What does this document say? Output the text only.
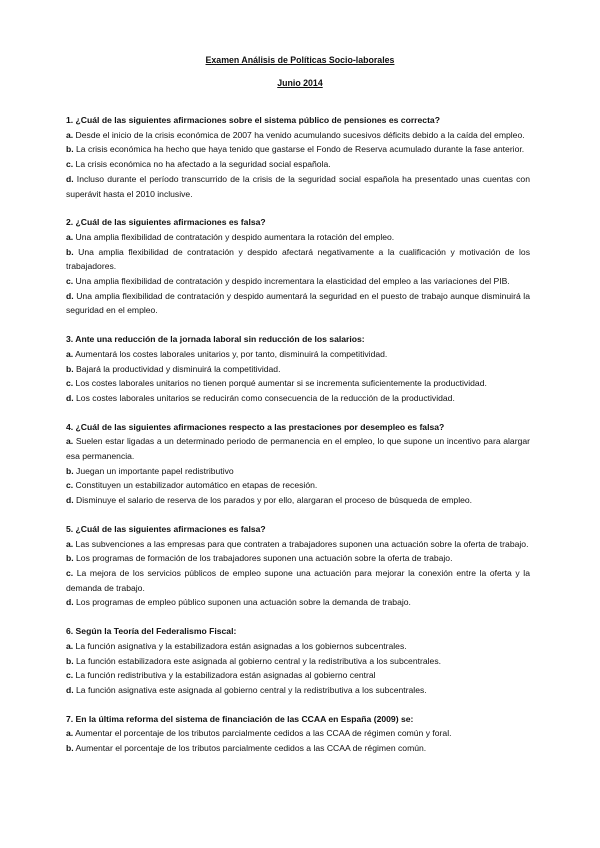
Examen Análisis de Políticas Socio-laborales
Junio 2014
1. ¿Cuál de las siguientes afirmaciones sobre el sistema público de pensiones es correcta?
a. Desde el inicio de la crisis económica de 2007 ha venido acumulando sucesivos déficits debido a la caída del empleo.
b. La crisis económica ha hecho que haya tenido que gastarse el Fondo de Reserva acumulado durante la fase anterior.
c. La crisis económica no ha afectado a la seguridad social española.
d. Incluso durante el período transcurrido de la crisis de la seguridad social española ha presentado unas cuentas con superávit hasta el 2010 inclusive.
2. ¿Cuál de las siguientes afirmaciones es falsa?
a. Una amplia flexibilidad de contratación y despido aumentara la rotación del empleo.
b. Una amplia flexibilidad de contratación y despido afectará negativamente a la cualificación y motivación de los trabajadores.
c. Una amplia flexibilidad de contratación y despido incrementara la elasticidad del empleo a las variaciones del PIB.
d. Una amplia flexibilidad de contratación y despido aumentará la seguridad en el puesto de trabajo aunque disminuirá la seguridad en el empleo.
3. Ante una reducción de la jornada laboral sin reducción de los salarios:
a. Aumentará los costes laborales unitarios y, por tanto, disminuirá la competitividad.
b. Bajará la productividad y disminuirá la competitividad.
c. Los costes laborales unitarios no tienen porqué aumentar si se incrementa suficientemente la productividad.
d. Los costes laborales unitarios se reducirán como consecuencia de la reducción de la productividad.
4. ¿Cuál de las siguientes afirmaciones respecto a las prestaciones por desempleo es falsa?
a. Suelen estar ligadas a un determinado periodo de permanencia en el empleo, lo que supone un incentivo para alargar esa permanencia.
b. Juegan un importante papel redistributivo
c. Constituyen un estabilizador automático en etapas de recesión.
d. Disminuye el salario de reserva de los parados y por ello, alargaran el proceso de búsqueda de empleo.
5. ¿Cuál de las siguientes afirmaciones es falsa?
a. Las subvenciones a las empresas para que contraten a trabajadores suponen una actuación sobre la oferta de trabajo.
b. Los programas de formación de los trabajadores suponen una actuación sobre la oferta de trabajo.
c. La mejora de los servicios públicos de empleo supone una actuación para mejorar la conexión entre la oferta y la demanda de trabajo.
d. Los programas de empleo público suponen una actuación sobre la demanda de trabajo.
6. Según la Teoría del Federalismo Fiscal:
a. La función asignativa y la estabilizadora están asignadas a los gobiernos subcentrales.
b. La función estabilizadora este asignada al gobierno central y la redistributiva a los subcentrales.
c. La función redistributiva y la estabilizadora están asignadas al gobierno central
d. La función asignativa este asignada al gobierno central y la redistributiva a los subcentrales.
7. En la última reforma del sistema de financiación de las CCAA en España (2009) se:
a. Aumentar el porcentaje de los tributos parcialmente cedidos a las CCAA de régimen común y foral.
b. Aumentar el porcentaje de los tributos parcialmente cedidos a las CCAA de régimen común.
